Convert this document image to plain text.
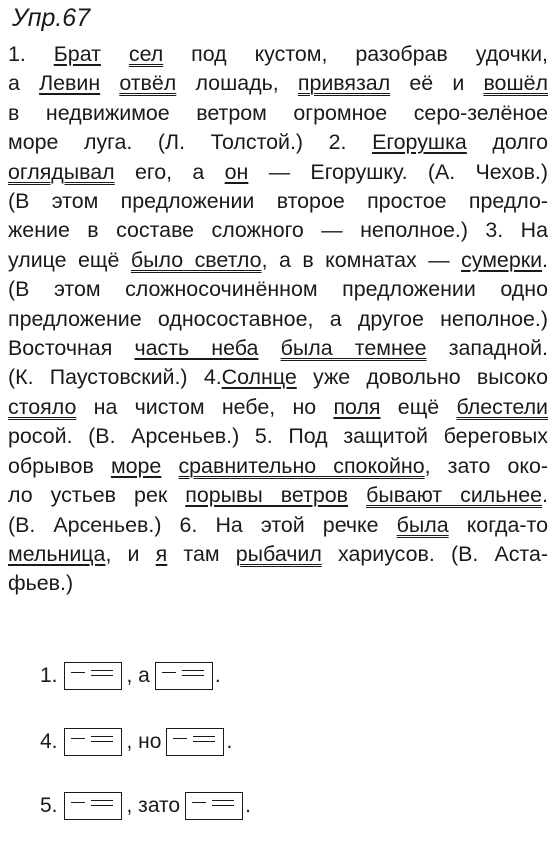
Упр.67
1. Брат сел под кустом, разобрав удочки,
а Левин отвёл лошадь, привязал её и вошёл
в недвижимое ветром огромное серо-зелёное
море луга. (Л. Толстой.) 2. Егорушка долго
оглядывал его, а он — Егорушку. (А. Чехов.)
(В этом предложении второе простое предло-
жение в составе сложного — неполное.) 3. На
улице ещё было светло, а в комнатах — сумерки.
(В этом сложносочинённом предложении одно
предложение односоставное, а другое неполное.)
Восточная часть неба была темнее западной.
(К. Паустовский.) 4.Солнце уже довольно высоко
стояло на чистом небе, но поля ещё блестели
росой. (В. Арсеньев.) 5. Под защитой береговых
обрывов море сравнительно спокойно, зато око-
ло устьев рек порывы ветров бывают сильнее.
(В. Арсеньев.) 6. На этой речке была когда-то
мельница, и я там рыбачил хариусов. (В. Аста-
фьев.)
1.	, а	.
4.	, но	.
5.	, зато	.
